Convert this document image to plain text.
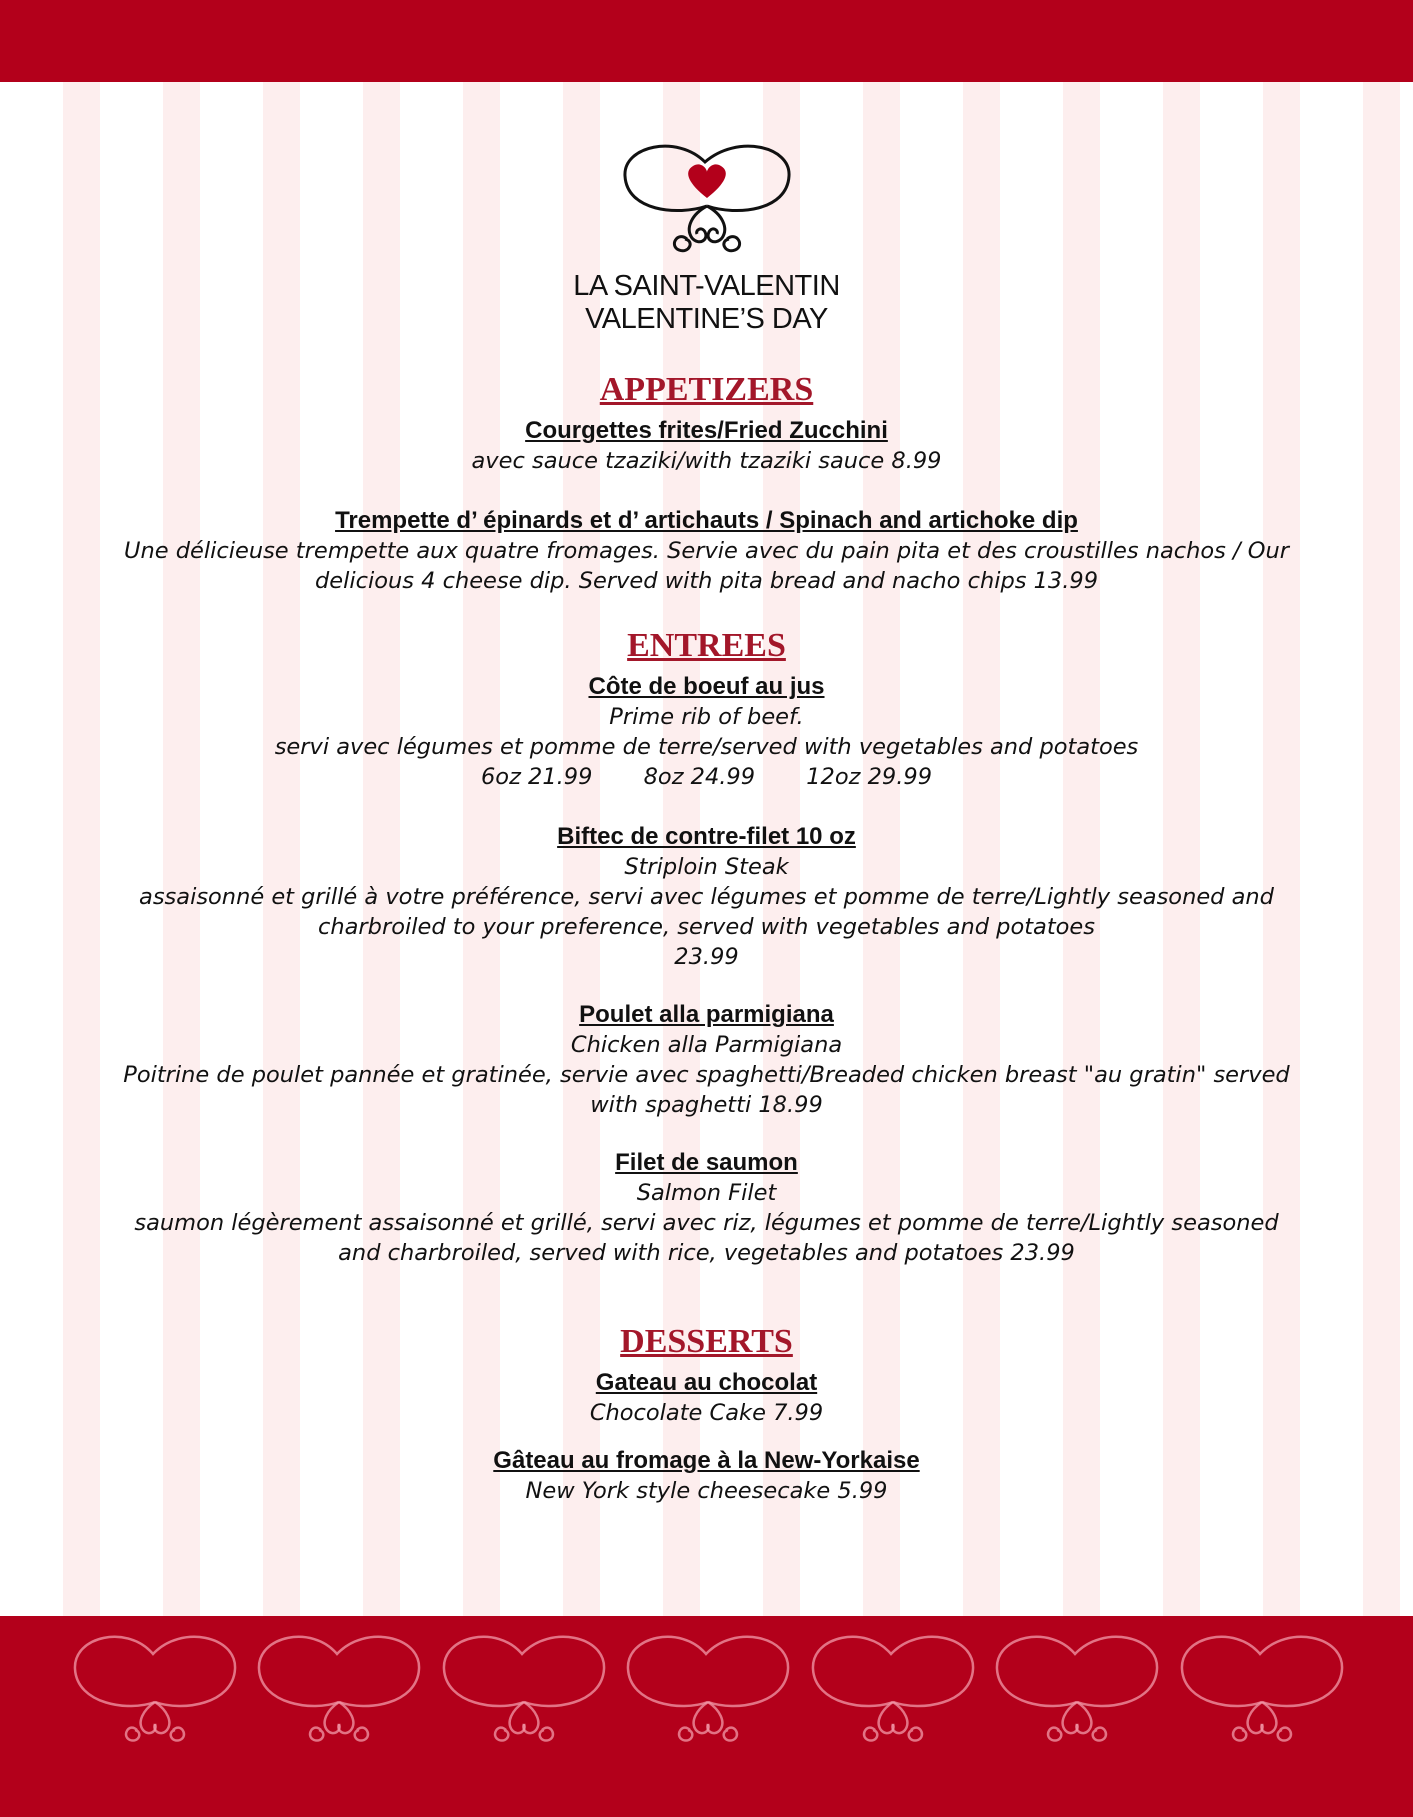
LA SAINT-VALENTIN
VALENTINE’S DAY
APPETIZERS
Courgettes frites/Fried Zucchini
avec sauce tzaziki/with tzaziki sauce 8.99
Trempette d’ épinards et d’ artichauts / Spinach and artichoke dip
Une délicieuse trempette aux quatre fromages. Servie avec du pain pita et des croustilles nachos / Our
delicious 4 cheese dip. Served with pita bread and nacho chips 13.99
ENTREES
Côte de boeuf au jus
Prime rib of beef.
servi avec légumes et pomme de terre/served with vegetables and potatoes
6oz 21.99 8oz 24.99 12oz 29.99
Biftec de contre-filet 10 oz
Striploin Steak
assaisonné et grillé à votre préférence, servi avec légumes et pomme de terre/Lightly seasoned and
charbroiled to your preference, served with vegetables and potatoes
23.99
Poulet alla parmigiana
Chicken alla Parmigiana
Poitrine de poulet pannée et gratinée, servie avec spaghetti/Breaded chicken breast "au gratin" served
with spaghetti 18.99
Filet de saumon
Salmon Filet
saumon légèrement assaisonné et grillé, servi avec riz, légumes et pomme de terre/Lightly seasoned
and charbroiled, served with rice, vegetables and potatoes 23.99
DESSERTS
Gateau au chocolat
Chocolate Cake 7.99
Gâteau au fromage à la New-Yorkaise
New York style cheesecake 5.99
